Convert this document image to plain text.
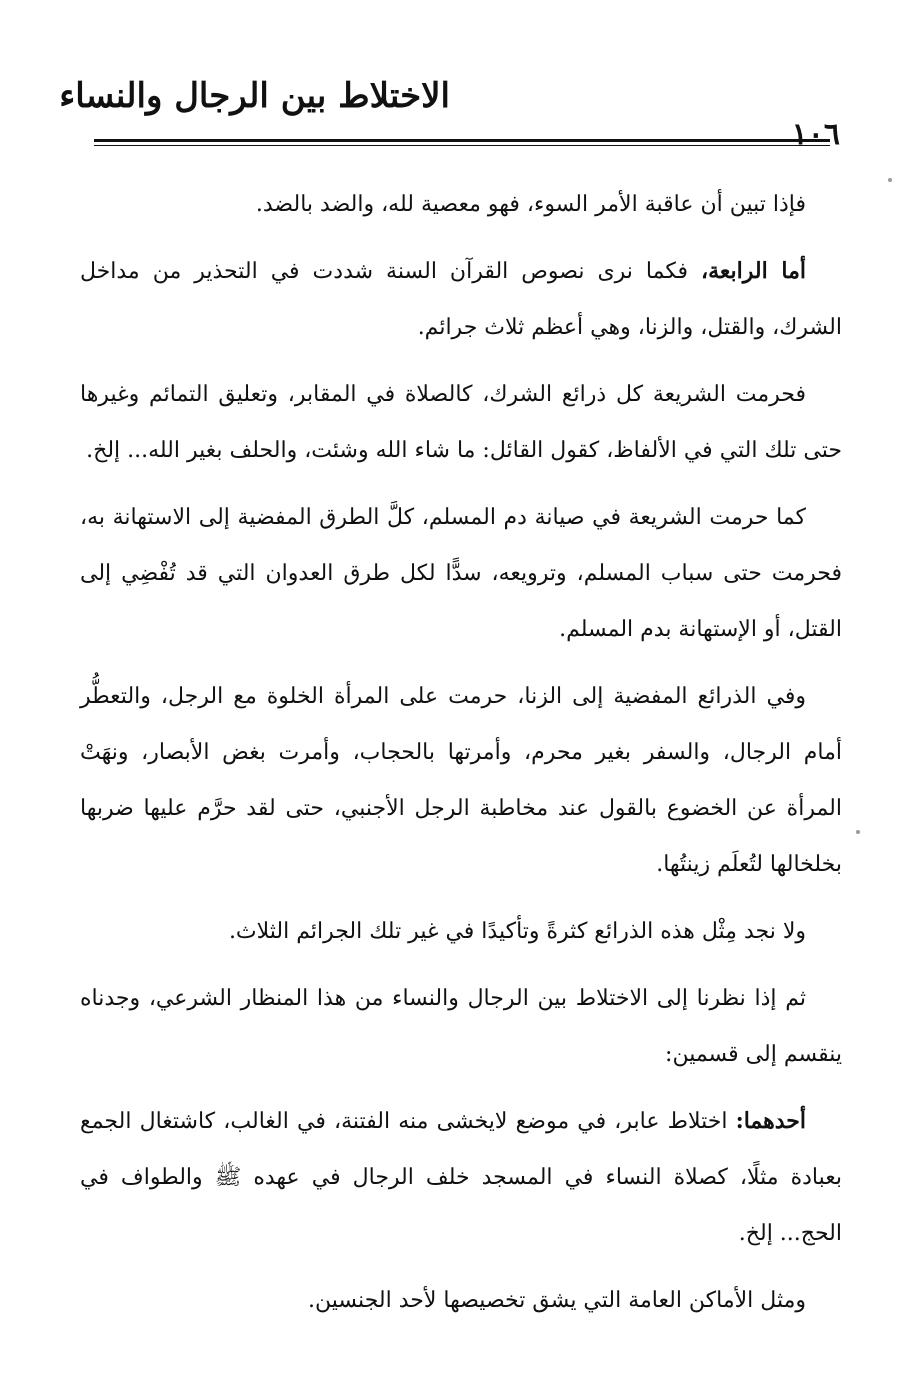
الاختلاط بين الرجال والنساء
١٠٦

فإذا تبين أن عاقبة الأمر السوء، فهو معصية لله، والضد بالضد.

أما الرابعة، فكما نرى نصوص القرآن السنة شددت في التحذير من مداخل الشرك، والقتل، والزنا، وهي أعظم ثلاث جرائم.

فحرمت الشريعة كل ذرائع الشرك، كالصلاة في المقابر، وتعليق التمائم وغيرها حتى تلك التي في الألفاظ، كقول القائل: ما شاء الله وشئت، والحلف بغير الله... إلخ.

كما حرمت الشريعة في صيانة دم المسلم، كلَّ الطرق المفضية إلى الاستهانة به، فحرمت حتى سباب المسلم، وترويعه، سدًّا لكل طرق العدوان التي قد تُفْضِي إلى القتل، أو الإستهانة بدم المسلم.

وفي الذرائع المفضية إلى الزنا، حرمت على المرأة الخلوة مع الرجل، والتعطُّر أمام الرجال، والسفر بغير محرم، وأمرتها بالحجاب، وأمرت بغض الأبصار، ونهَتْ المرأة عن الخضوع بالقول عند مخاطبة الرجل الأجنبي، حتى لقد حرَّم عليها ضربها بخلخالها لتُعلَم زينتُها.

ولا نجد مِثْل هذه الذرائع كثرةً وتأكيدًا في غير تلك الجرائم الثلاث.

ثم إذا نظرنا إلى الاختلاط بين الرجال والنساء من هذا المنظار الشرعي، وجدناه ينقسم إلى قسمين:

أحدهما: اختلاط عابر، في موضع لايخشى منه الفتنة، في الغالب، كاشتغال الجمع بعبادة مثلًا، كصلاة النساء في المسجد خلف الرجال في عهده ﷺ والطواف في الحج... إلخ.

ومثل الأماكن العامة التي يشق تخصيصها لأحد الجنسين.
